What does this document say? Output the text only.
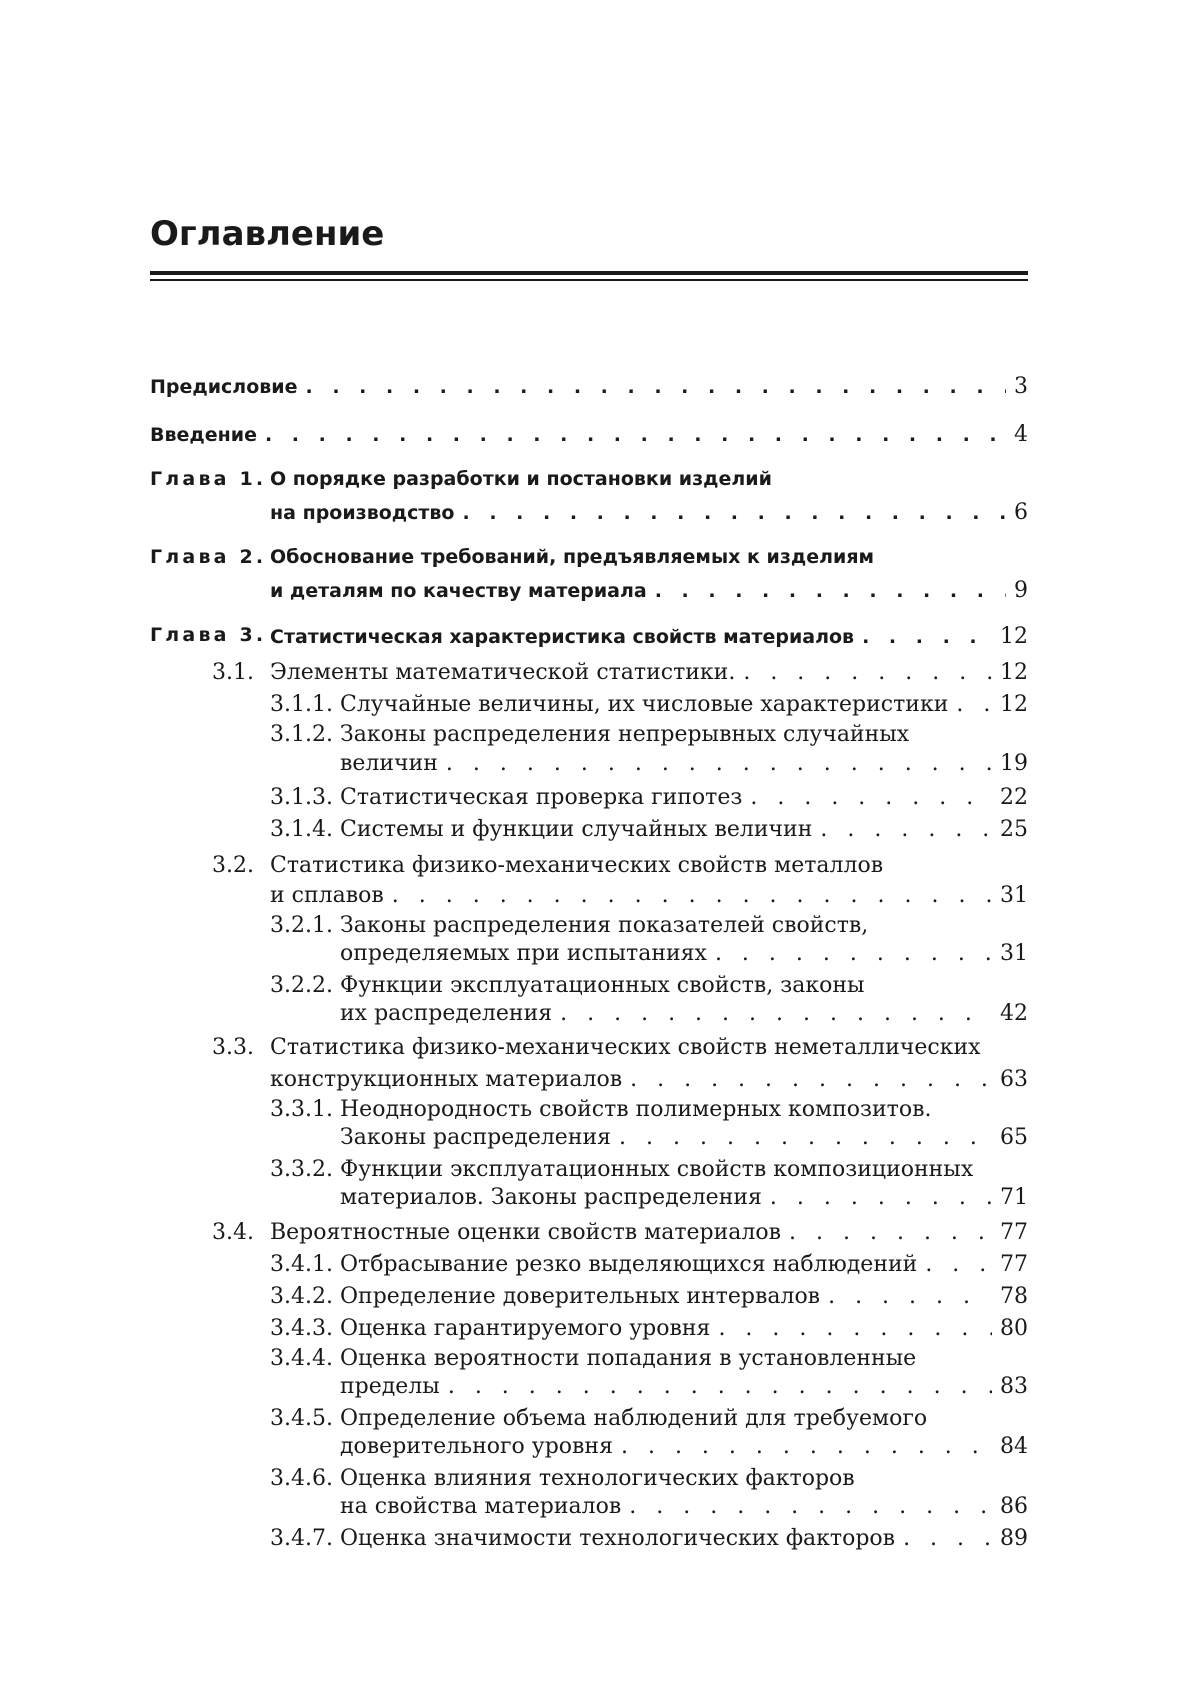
Оглавление
Предисловие . . .	3
Введение . . .	4
Глава 1. О порядке разработки и постановки изделий
на производство . . .	6
Глава 2. Обоснование требований, предъявляемых к изделиям
и деталям по качеству материала . . .	9
Глава 3. Статистическая характеристика свойств материалов . . .	12
3.1. Элементы математической статистики. . . .	12
3.1.1. Случайные величины, их числовые характеристики . . . 12
3.1.2. Законы распределения непрерывных случайных
величин . . .	19
3.1.3. Статистическая проверка гипотез . . .	22
3.1.4. Системы и функции случайных величин . . .	25
3.2. Статистика физико-механических свойств металлов
и сплавов . . .	31
3.2.1. Законы распределения показателей свойств,
определяемых при испытаниях . . .	31
3.2.2. Функции эксплуатационных свойств, законы
их распределения . . .	42
3.3. Статистика физико-механических свойств неметаллических
конструкционных материалов . . .	63
3.3.1. Неоднородность свойств полимерных композитов.
Законы распределения . . .	65
3.3.2. Функции эксплуатационных свойств композиционных
материалов. Законы распределения . . .	71
3.4. Вероятностные оценки свойств материалов . . .	77
3.4.1. Отбрасывание резко выделяющихся наблюдений . . .	77
3.4.2. Определение доверительных интервалов . . .	78
3.4.3. Оценка гарантируемого уровня . . .	80
3.4.4. Оценка вероятности попадания в установленные
пределы . . .	83
3.4.5. Определение объема наблюдений для требуемого
доверительного уровня . . .	84
3.4.6. Оценка влияния технологических факторов
на свойства материалов . . .	86
3.4.7. Оценка значимости технологических факторов . . .	89
